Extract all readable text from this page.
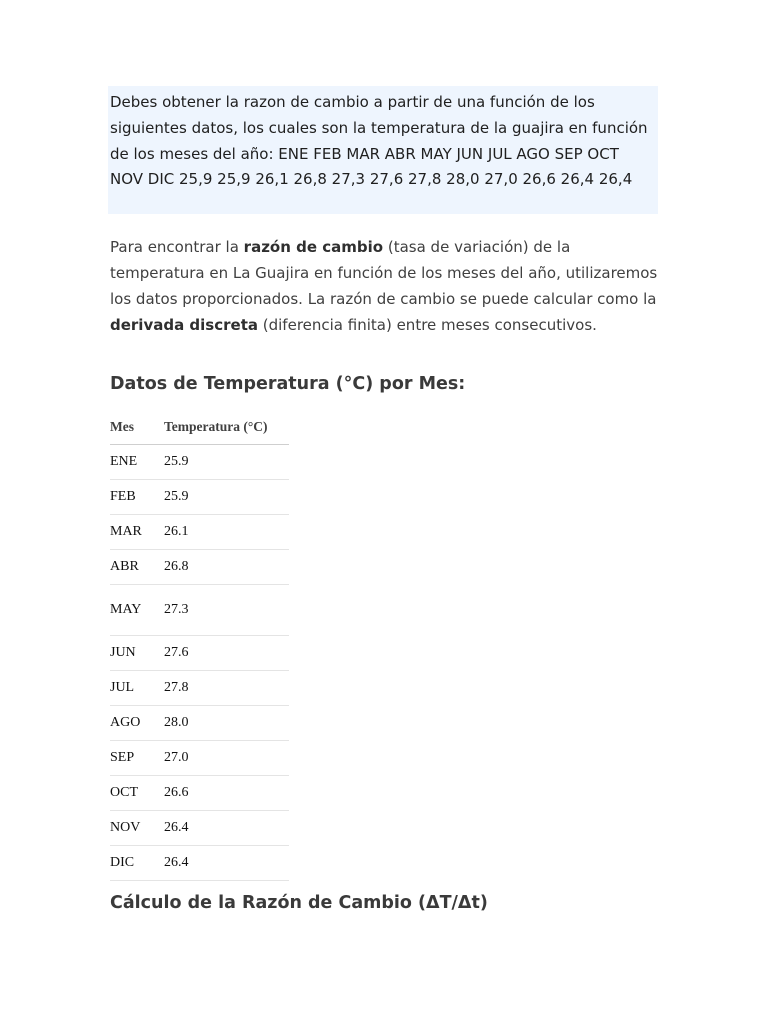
Debes obtener la razon de cambio a partir de una función de los siguientes datos, los cuales son la temperatura de la guajira en función de los meses del año: ENE FEB MAR ABR MAY JUN JUL AGO SEP OCT NOV DIC 25,9 25,9 26,1 26,8 27,3 27,6 27,8 28,0 27,0 26,6 26,4 26,4

Para encontrar la razón de cambio (tasa de variación) de la temperatura en La Guajira en función de los meses del año, utilizaremos los datos proporcionados. La razón de cambio se puede calcular como la derivada discreta (diferencia finita) entre meses consecutivos.

Datos de Temperatura (°C) por Mes:
Mes	Temperatura (°C)
ENE	25.9
FEB	25.9
MAR	26.1
ABR	26.8
MAY	27.3
JUN	27.6
JUL	27.8
AGO	28.0
SEP	27.0
OCT	26.6
NOV	26.4
DIC	26.4
Cálculo de la Razón de Cambio (ΔT/Δt)
